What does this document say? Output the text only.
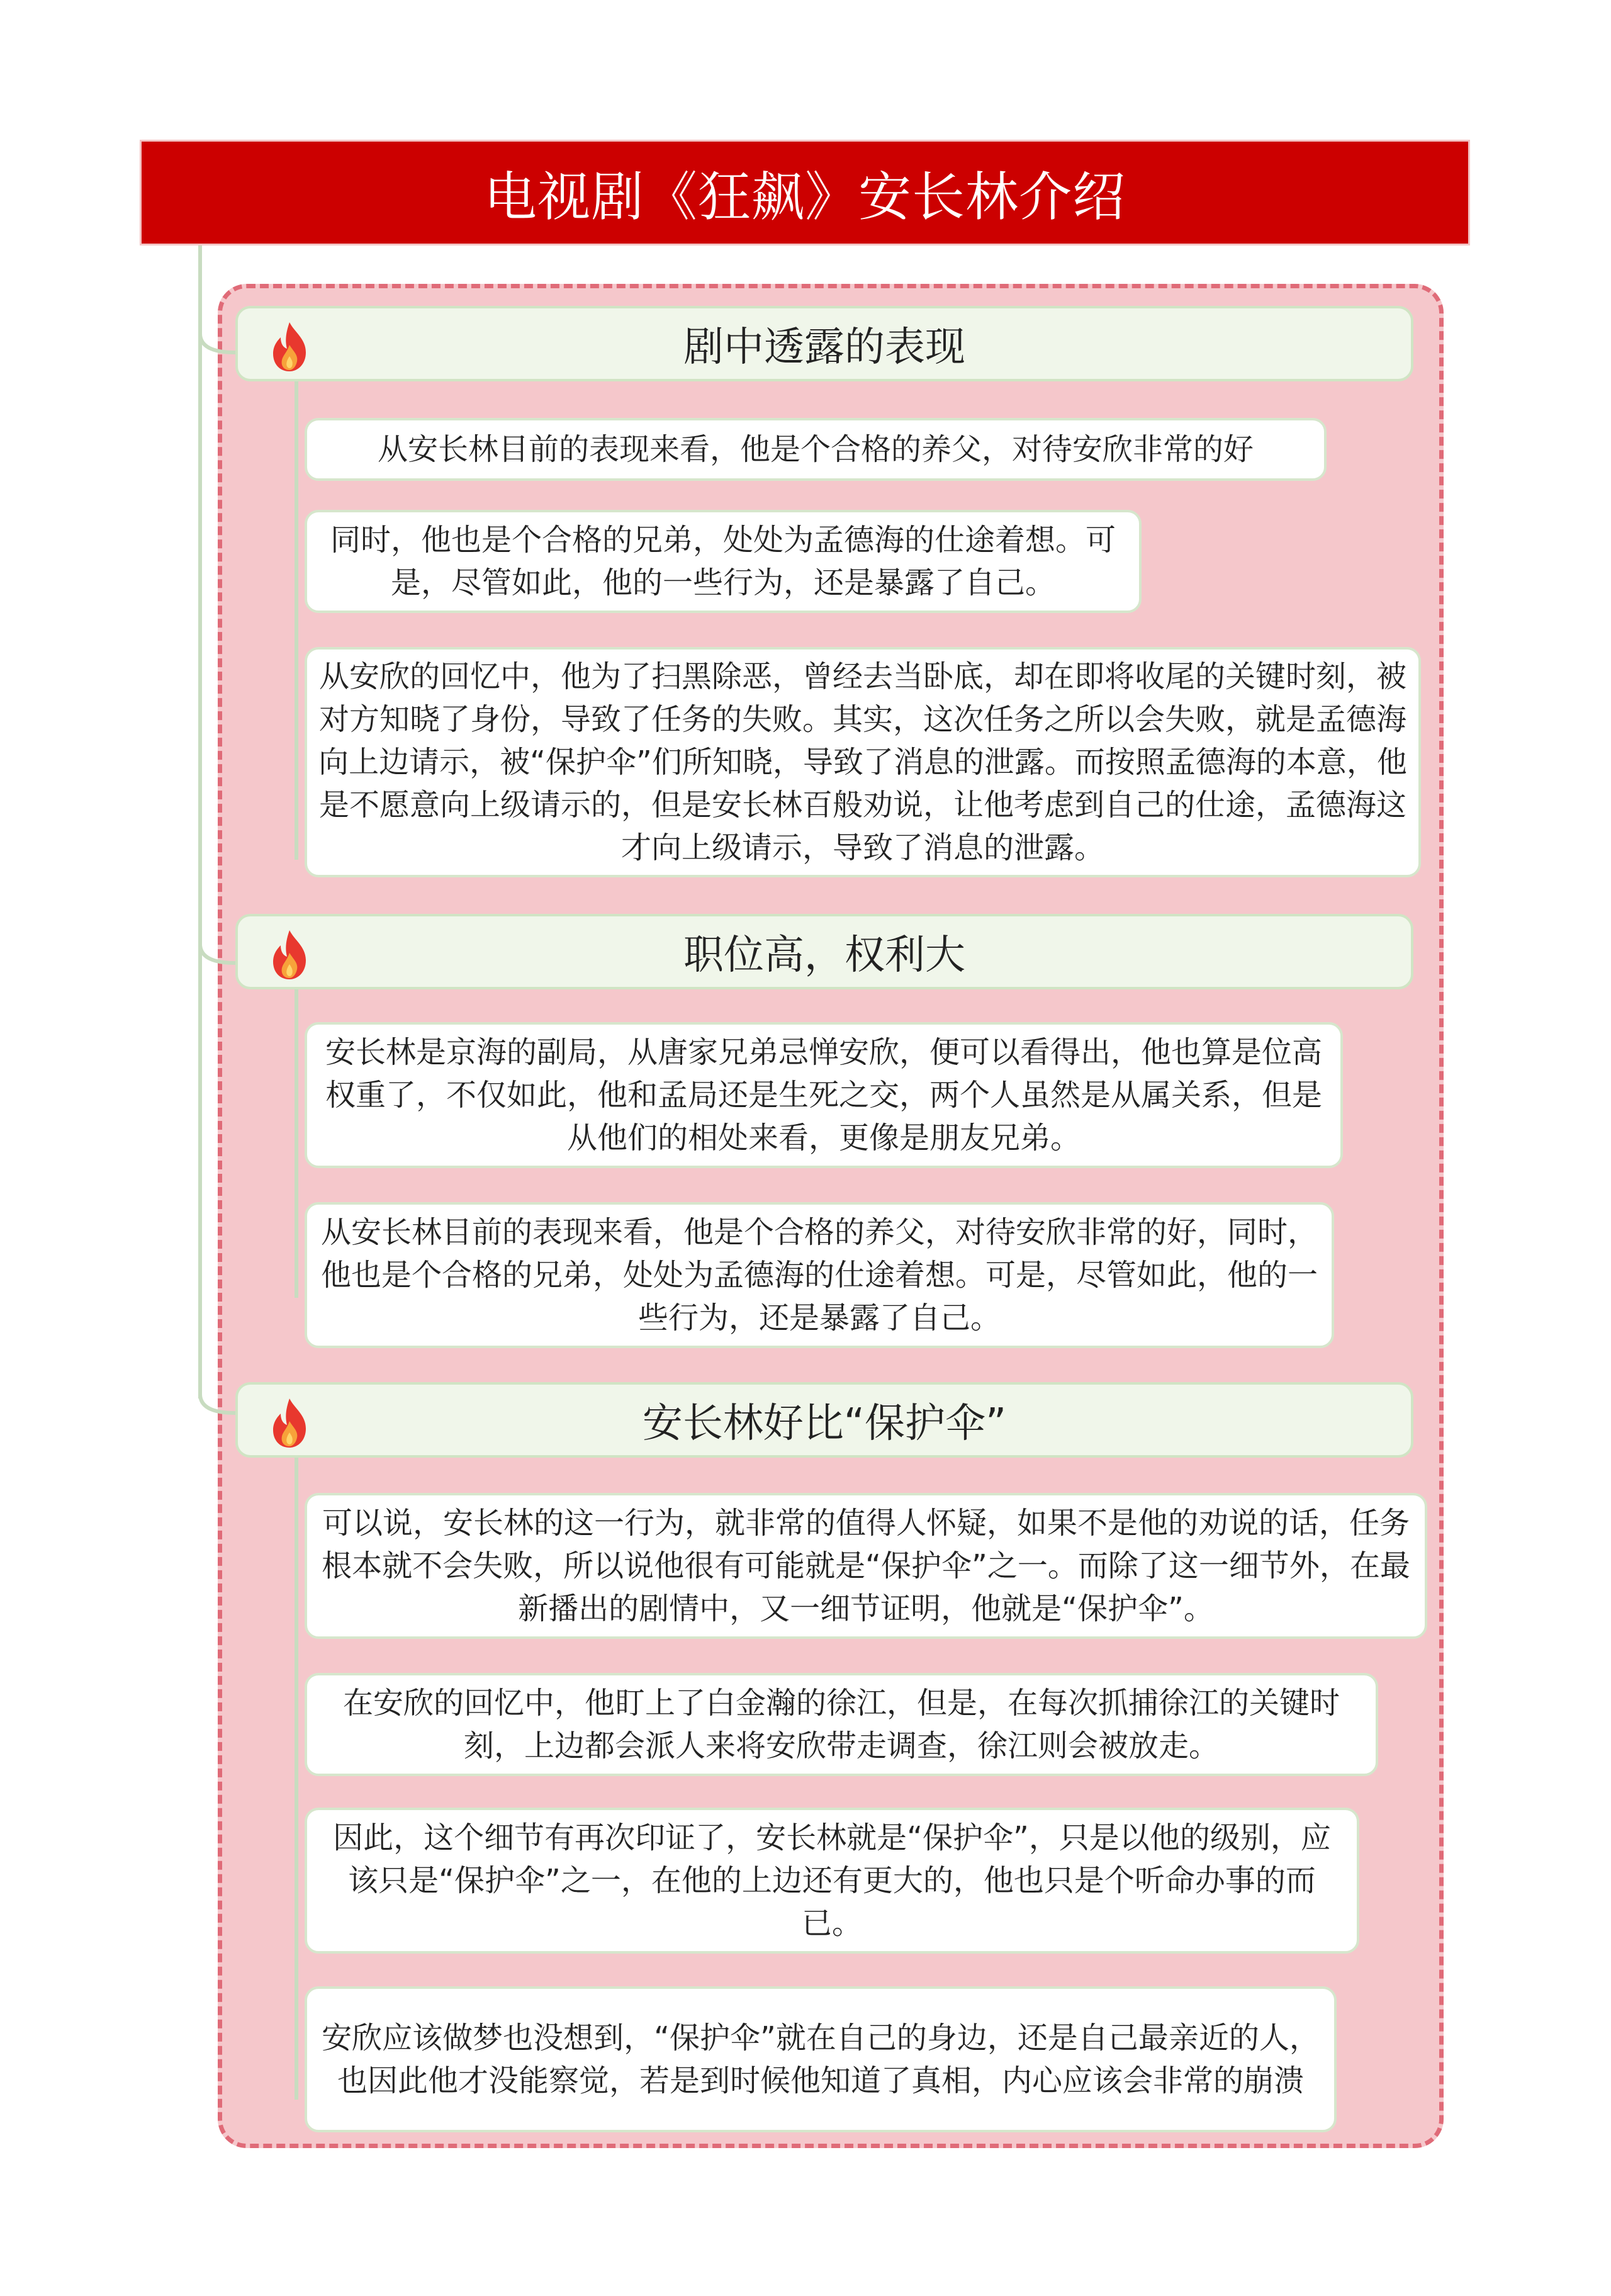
电视剧《狂飙》安长林介绍
剧中透露的表现
从安长林目前的表现来看，他是个合格的养父，对待安欣非常的好
同时，他也是个合格的兄弟，处处为孟德海的仕途着想。可是，尽管如此，他的一些行为，还是暴露了自己。
从安欣的回忆中，他为了扫黑除恶，曾经去当卧底，却在即将收尾的关键时刻，被对方知晓了身份，导致了任务的失败。其实，这次任务之所以会失败，就是孟德海向上边请示，被“保护伞”们所知晓，导致了消息的泄露。而按照孟德海的本意，他是不愿意向上级请示的，但是安长林百般劝说，让他考虑到自己的仕途，孟德海这才向上级请示，导致了消息的泄露。
职位高，权利大
安长林是京海的副局，从唐家兄弟忌惮安欣，便可以看得出，他也算是位高权重了，不仅如此，他和孟局还是生死之交，两个人虽然是从属关系，但是从他们的相处来看，更像是朋友兄弟。
从安长林目前的表现来看，他是个合格的养父，对待安欣非常的好，同时，他也是个合格的兄弟，处处为孟德海的仕途着想。可是，尽管如此，他的一些行为，还是暴露了自己。
安长林好比“保护伞”
可以说，安长林的这一行为，就非常的值得人怀疑，如果不是他的劝说的话，任务根本就不会失败，所以说他很有可能就是“保护伞”之一。而除了这一细节外，在最新播出的剧情中，又一细节证明，他就是“保护伞”。
在安欣的回忆中，他盯上了白金瀚的徐江，但是，在每次抓捕徐江的关键时刻，上边都会派人来将安欣带走调查，徐江则会被放走。
因此，这个细节有再次印证了，安长林就是“保护伞”，只是以他的级别，应该只是“保护伞”之一，在他的上边还有更大的，他也只是个听命办事的而已。
安欣应该做梦也没想到，“保护伞”就在自己的身边，还是自己最亲近的人，也因此他才没能察觉，若是到时候他知道了真相，内心应该会非常的崩溃
